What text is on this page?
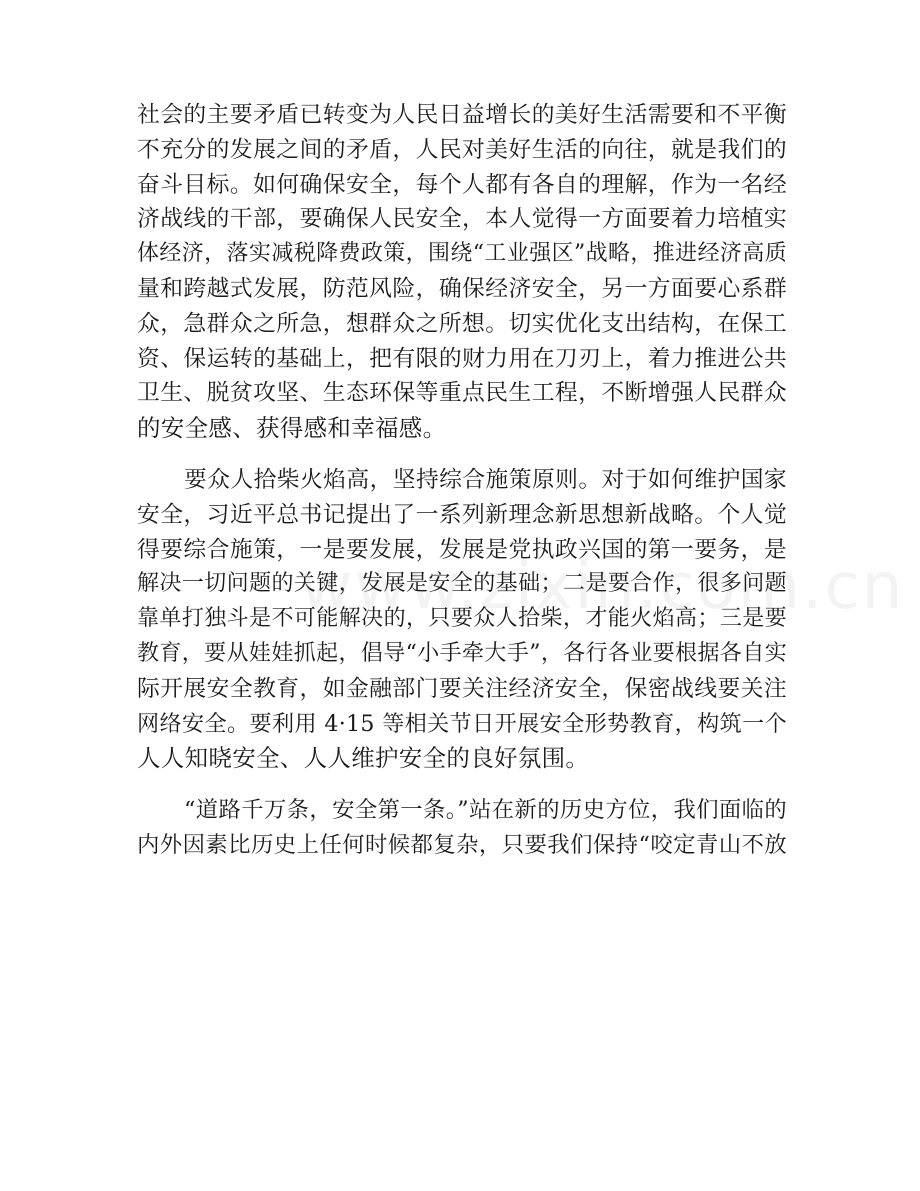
社会的主要矛盾已转变为人民日益增长的美好生活需要和不平衡
不充分的发展之间的矛盾，人民对美好生活的向往，就是我们的
奋斗目标。如何确保安全，每个人都有各自的理解，作为一名经
济战线的干部，要确保人民安全，本人觉得一方面要着力培植实
体经济，落实减税降费政策，围绕“工业强区”战略，推进经济高质
量和跨越式发展，防范风险，确保经济安全，另一方面要心系群
众，急群众之所急，想群众之所想。切实优化支出结构，在保工
资、保运转的基础上，把有限的财力用在刀刃上，着力推进公共
卫生、脱贫攻坚、生态环保等重点民生工程，不断增强人民群众
的安全感、获得感和幸福感。
要众人拾柴火焰高，坚持综合施策原则。对于如何维护国家
安全，习近平总书记提出了一系列新理念新思想新战略。个人觉
得要综合施策，一是要发展，发展是党执政兴国的第一要务，是
解决一切问题的关键，发展是安全的基础；二是要合作，很多问题
靠单打独斗是不可能解决的，只要众人拾柴，才能火焰高；三是要
教育，要从娃娃抓起，倡导“小手牵大手”，各行各业要根据各自实
际开展安全教育，如金融部门要关注经济安全，保密战线要关注
网络安全。要利用 4·15 等相关节日开展安全形势教育，构筑一个
人人知晓安全、人人维护安全的良好氛围。
“道路千万条，安全第一条。”站在新的历史方位，我们面临的
内外因素比历史上任何时候都复杂，只要我们保持“咬定青山不放
